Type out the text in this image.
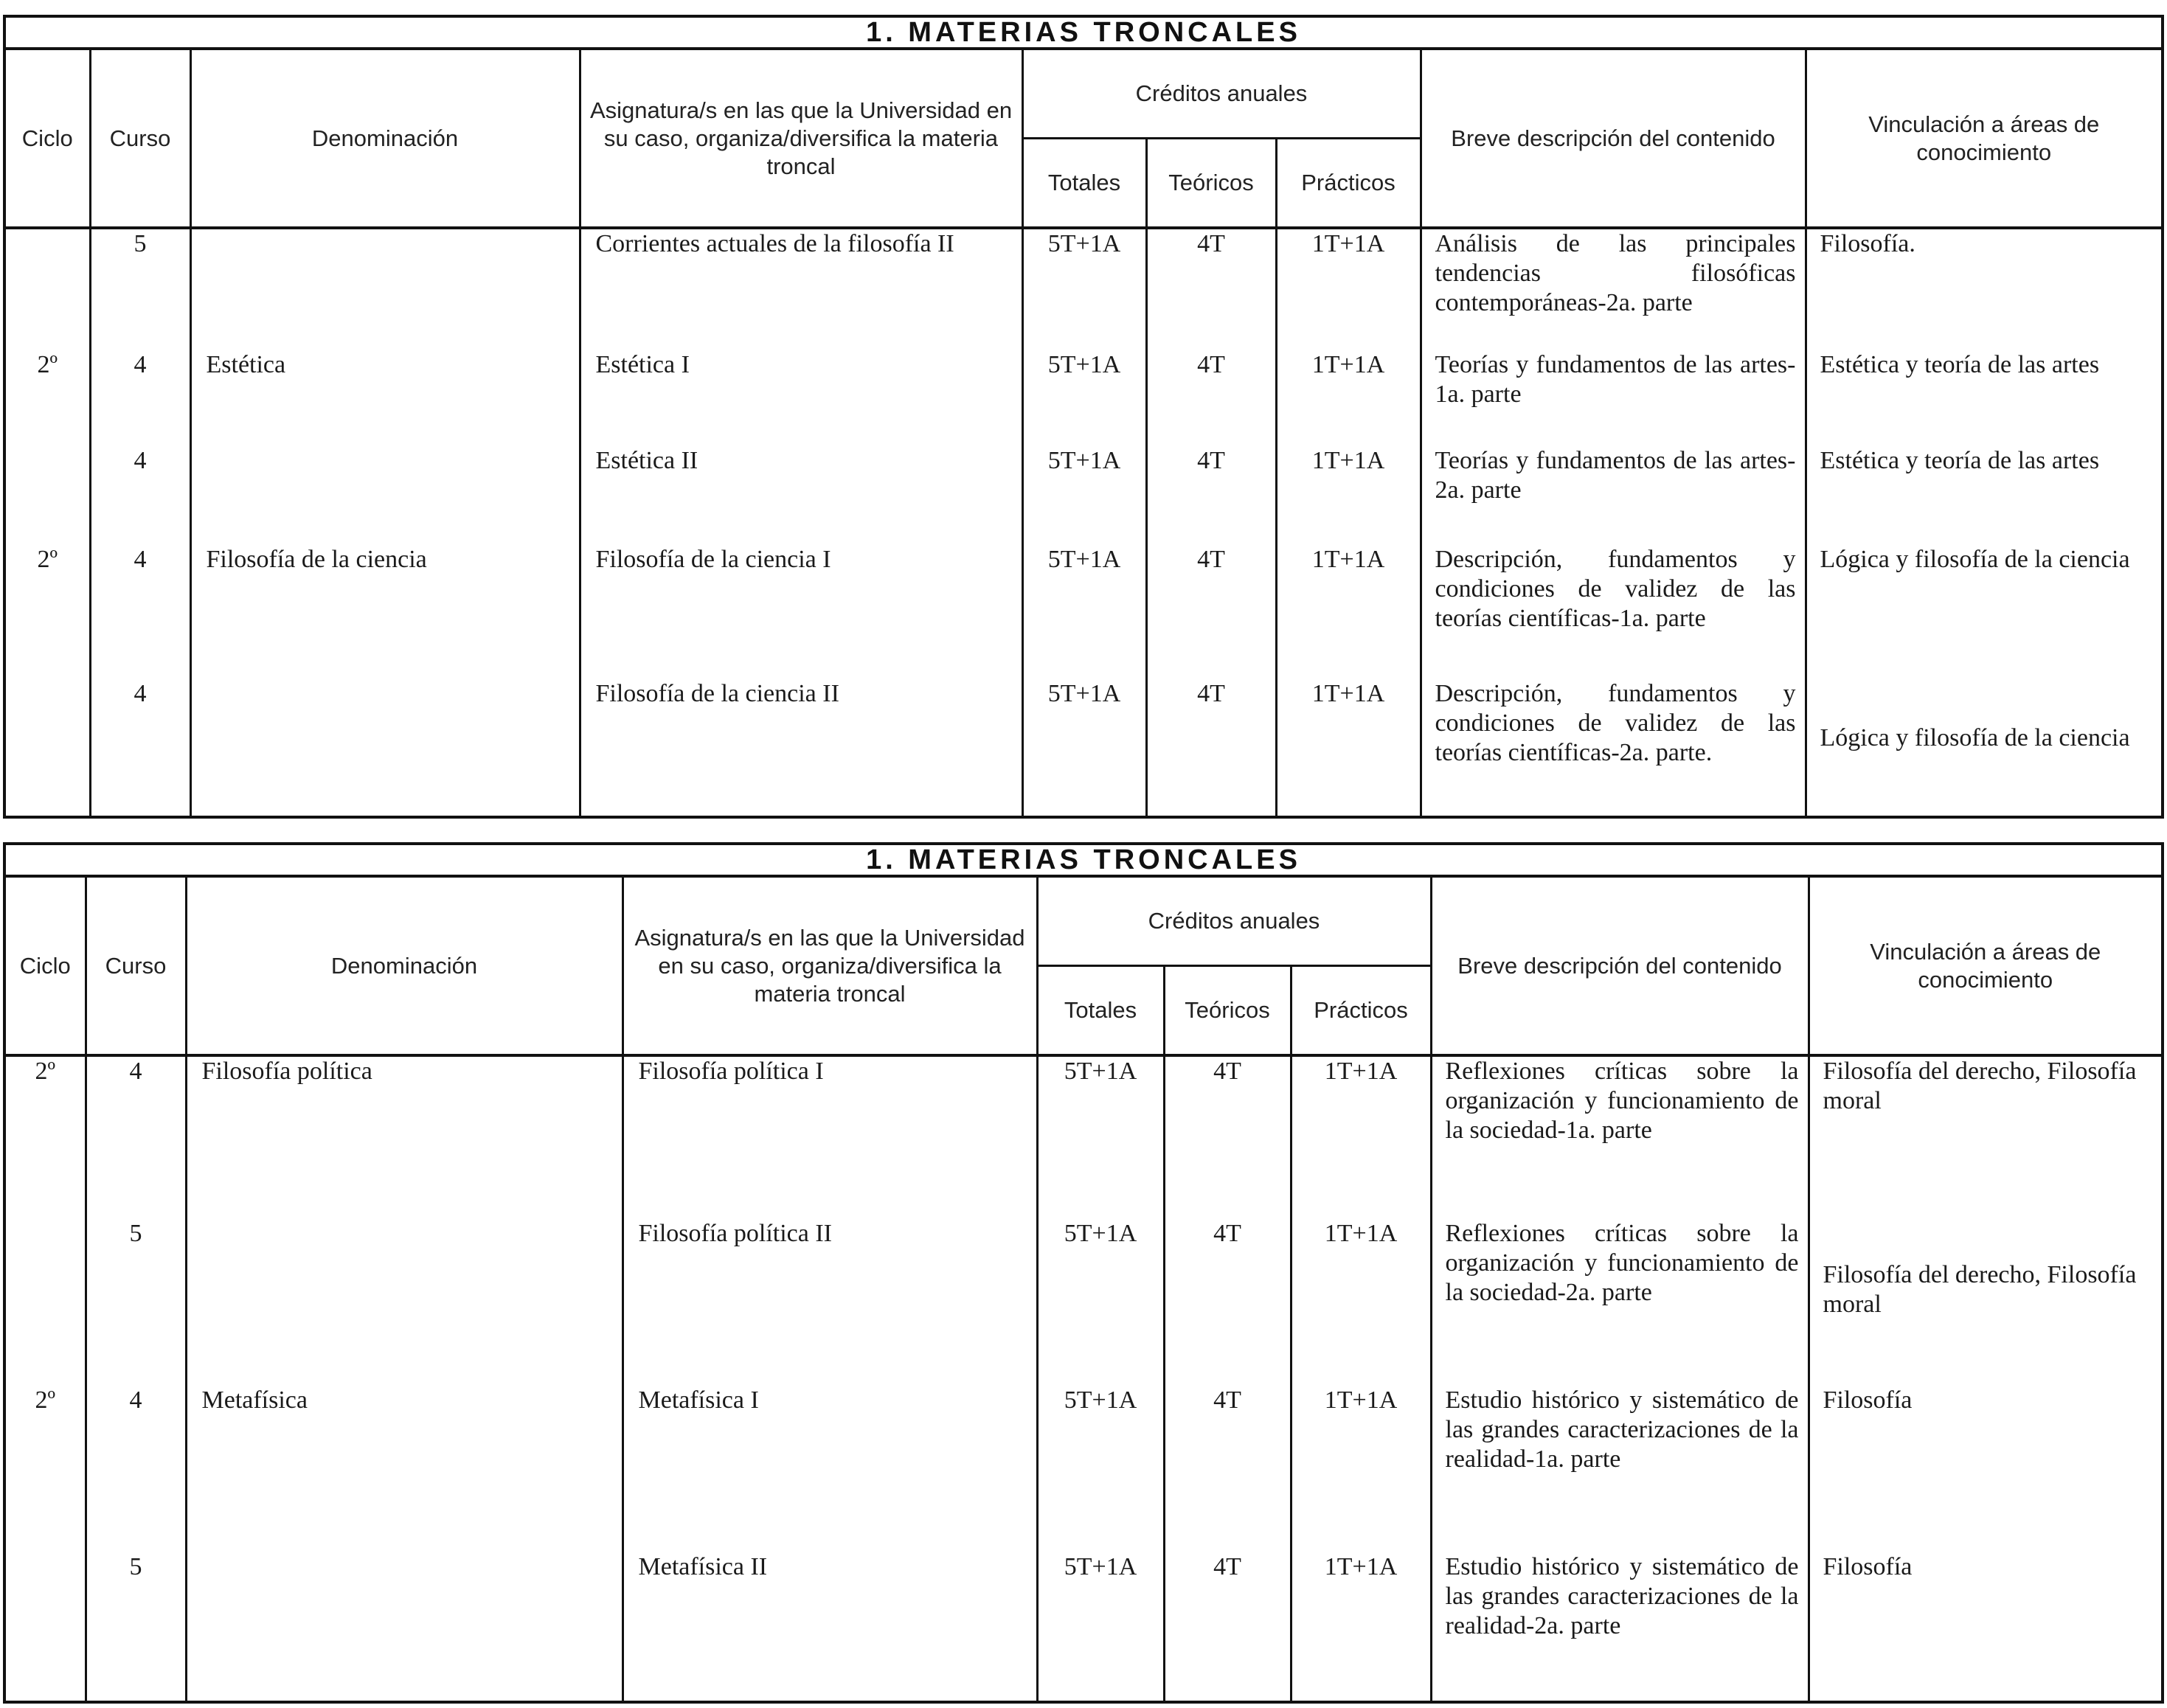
1. MATERIAS TRONCALES								
Ciclo	Curso	Denominación	Asignatura/s en las que la Universidad en su caso, organiza/diversifica la materia troncal	Créditos anuales			Breve descripción del contenido	Vinculación a áreas de conocimiento
				Totales	Teóricos	Prácticos		
	5		Corrientes actuales de la filosofía II	5T+1A	4T	1T+1A	Análisis de las principales tendencias filosóficas contemporáneas-2a. parte	Filosofía.
2º	4	Estética	Estética I	5T+1A	4T	1T+1A	Teorías y fundamentos de las artes-1a. parte	Estética y teoría de las artes
	4		Estética II	5T+1A	4T	1T+1A	Teorías y fundamentos de las artes-2a. parte	Estética y teoría de las artes
2º	4	Filosofía de la ciencia	Filosofía de la ciencia I	5T+1A	4T	1T+1A	Descripción, fundamentos y condiciones de validez de las teorías científicas-1a. parte	Lógica y filosofía de la ciencia
	4		Filosofía de la ciencia II	5T+1A	4T	1T+1A	Descripción, fundamentos y condiciones de validez de las teorías científicas-2a. parte.	Lógica y filosofía de la ciencia
1. MATERIAS TRONCALES								
Ciclo	Curso	Denominación	Asignatura/s en las que la Universidad en su caso, organiza/diversifica la materia troncal	Créditos anuales			Breve descripción del contenido	Vinculación a áreas de conocimiento
				Totales	Teóricos	Prácticos		
2º	4	Filosofía política	Filosofía política I	5T+1A	4T	1T+1A	Reflexiones críticas sobre la organización y funcionamiento de la sociedad-1a. parte	Filosofía del derecho, Filosofía moral
	5		Filosofía política II	5T+1A	4T	1T+1A	Reflexiones críticas sobre la organización y funcionamiento de la sociedad-2a. parte	Filosofía del derecho, Filosofía moral
2º	4	Metafísica	Metafísica I	5T+1A	4T	1T+1A	Estudio histórico y sistemático de las grandes caracterizaciones de la realidad-1a. parte	Filosofía
	5		Metafísica II	5T+1A	4T	1T+1A	Estudio histórico y sistemático de las grandes caracterizaciones de la realidad-2a. parte	Filosofía
